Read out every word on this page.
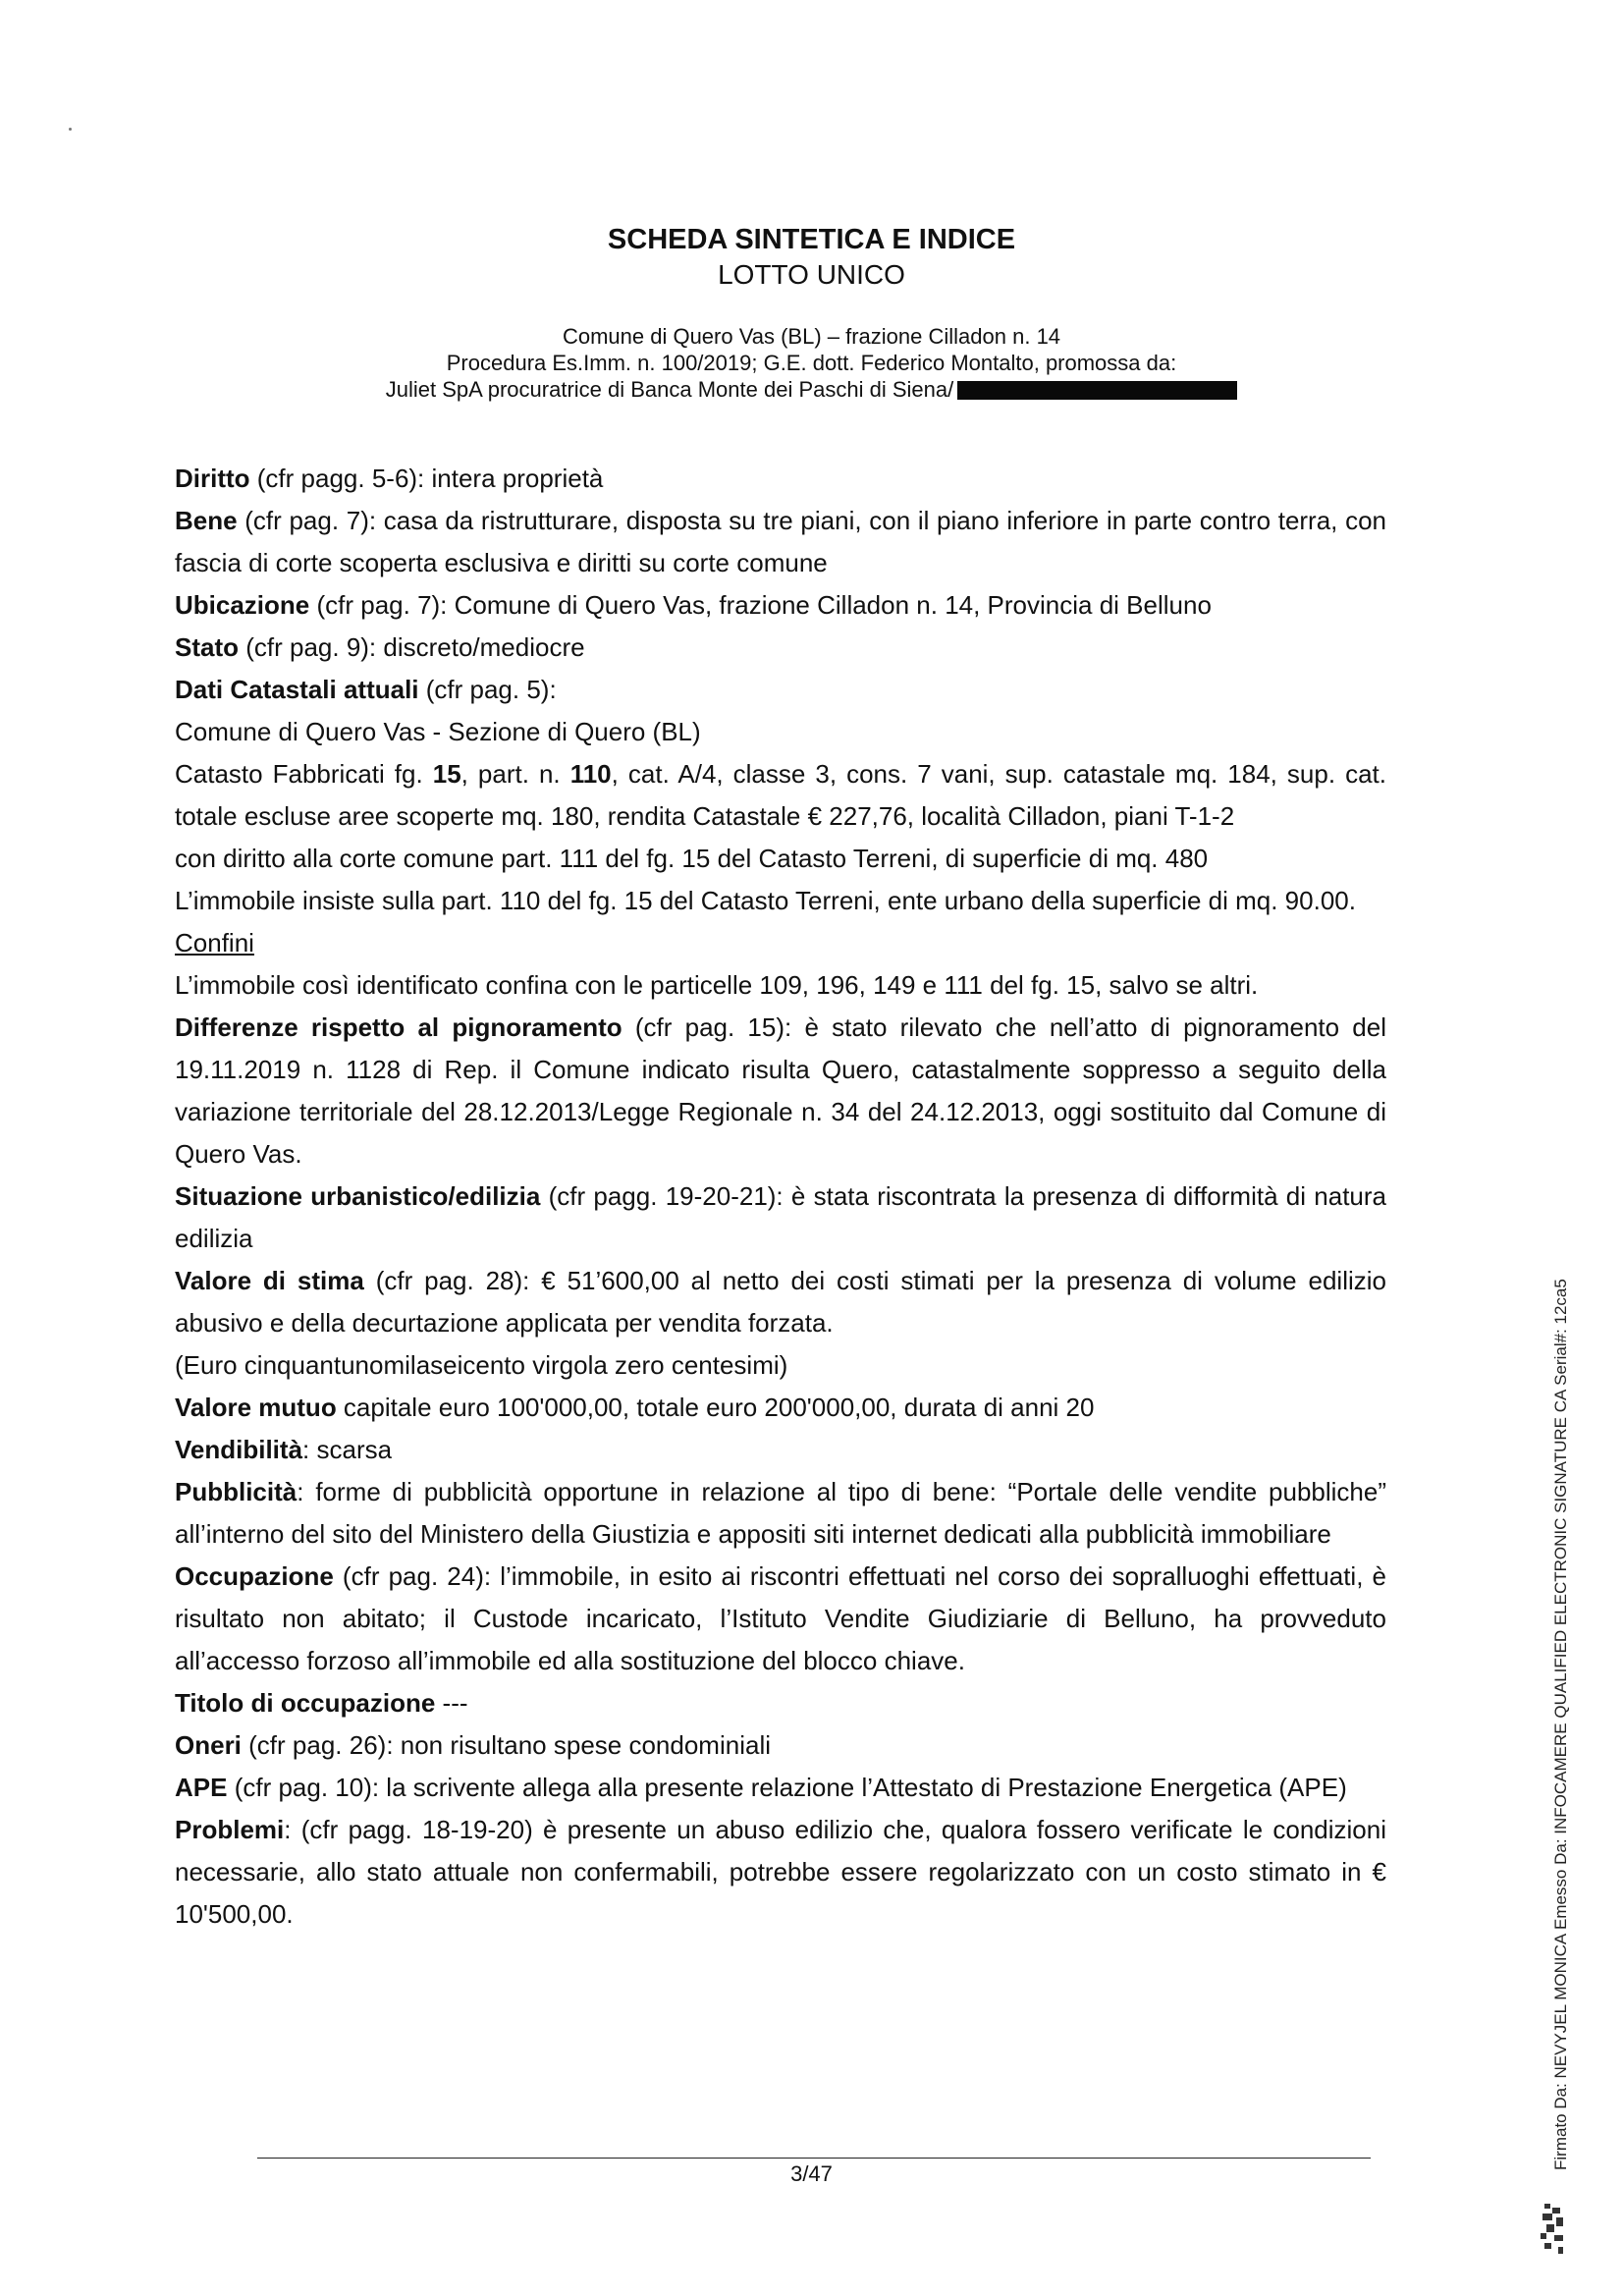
SCHEDA SINTETICA E INDICE

LOTTO UNICO

Comune di Quero Vas (BL) – frazione Cilladon n. 14

Procedura Es.Imm. n. 100/2019; G.E. dott. Federico Montalto, promossa da:

Juliet SpA procuratrice di Banca Monte dei Paschi di Siena/

Diritto (cfr pagg. 5-6): intera proprietà

Bene (cfr pag. 7): casa da ristrutturare, disposta su tre piani, con il piano inferiore in parte contro terra, con fascia di corte scoperta esclusiva e diritti su corte comune

Ubicazione (cfr pag. 7): Comune di Quero Vas, frazione Cilladon n. 14, Provincia di Belluno

Stato (cfr pag. 9): discreto/mediocre

Dati Catastali attuali (cfr pag. 5):

Comune di Quero Vas - Sezione di Quero (BL)

Catasto Fabbricati fg. 15, part. n. 110, cat. A/4, classe 3, cons. 7 vani, sup. catastale mq. 184, sup. cat. totale escluse aree scoperte mq. 180, rendita Catastale € 227,76, località Cilladon, piani T-1-2

con diritto alla corte comune part. 111 del fg. 15 del Catasto Terreni, di superficie di mq. 480

L’immobile insiste sulla part. 110 del fg. 15 del Catasto Terreni, ente urbano della superficie di mq. 90.00.

Confini

L’immobile così identificato confina con le particelle 109, 196, 149 e 111 del fg. 15, salvo se altri.

Differenze rispetto al pignoramento (cfr pag. 15): è stato rilevato che nell’atto di pignoramento del 19.11.2019 n. 1128 di Rep. il Comune indicato risulta Quero, catastalmente soppresso a seguito della variazione territoriale del 28.12.2013/Legge Regionale n. 34 del 24.12.2013, oggi sostituito dal Comune di Quero Vas.

Situazione urbanistico/edilizia (cfr pagg. 19-20-21): è stata riscontrata la presenza di difformità di natura edilizia

Valore di stima (cfr pag. 28): € 51’600,00 al netto dei costi stimati per la presenza di volume edilizio abusivo e della decurtazione applicata per vendita forzata.

(Euro cinquantunomilaseicento virgola zero centesimi)

Valore mutuo capitale euro 100'000,00, totale euro 200'000,00, durata di anni 20

Vendibilità: scarsa

Pubblicità: forme di pubblicità opportune in relazione al tipo di bene: “Portale delle vendite pubbliche” all’interno del sito del Ministero della Giustizia e appositi siti internet dedicati alla pubblicità immobiliare

Occupazione (cfr pag. 24): l’immobile, in esito ai riscontri effettuati nel corso dei sopralluoghi effettuati, è risultato non abitato; il Custode incaricato, l’Istituto Vendite Giudiziarie di Belluno, ha provveduto all’accesso forzoso all’immobile ed alla sostituzione del blocco chiave.

Titolo di occupazione ---

Oneri (cfr pag. 26): non risultano spese condominiali

APE (cfr pag. 10): la scrivente allega alla presente relazione l’Attestato di Prestazione Energetica (APE)

Problemi: (cfr pagg. 18-19-20) è presente un abuso edilizio che, qualora fossero verificate le condizioni necessarie, allo stato attuale non confermabili, potrebbe essere regolarizzato con un costo stimato in € 10'500,00.

3/47
Firmato Da: NEVYJEL MONICA Emesso Da: INFOCAMERE QUALIFIED ELECTRONIC SIGNATURE CA Serial#: 12ca5
